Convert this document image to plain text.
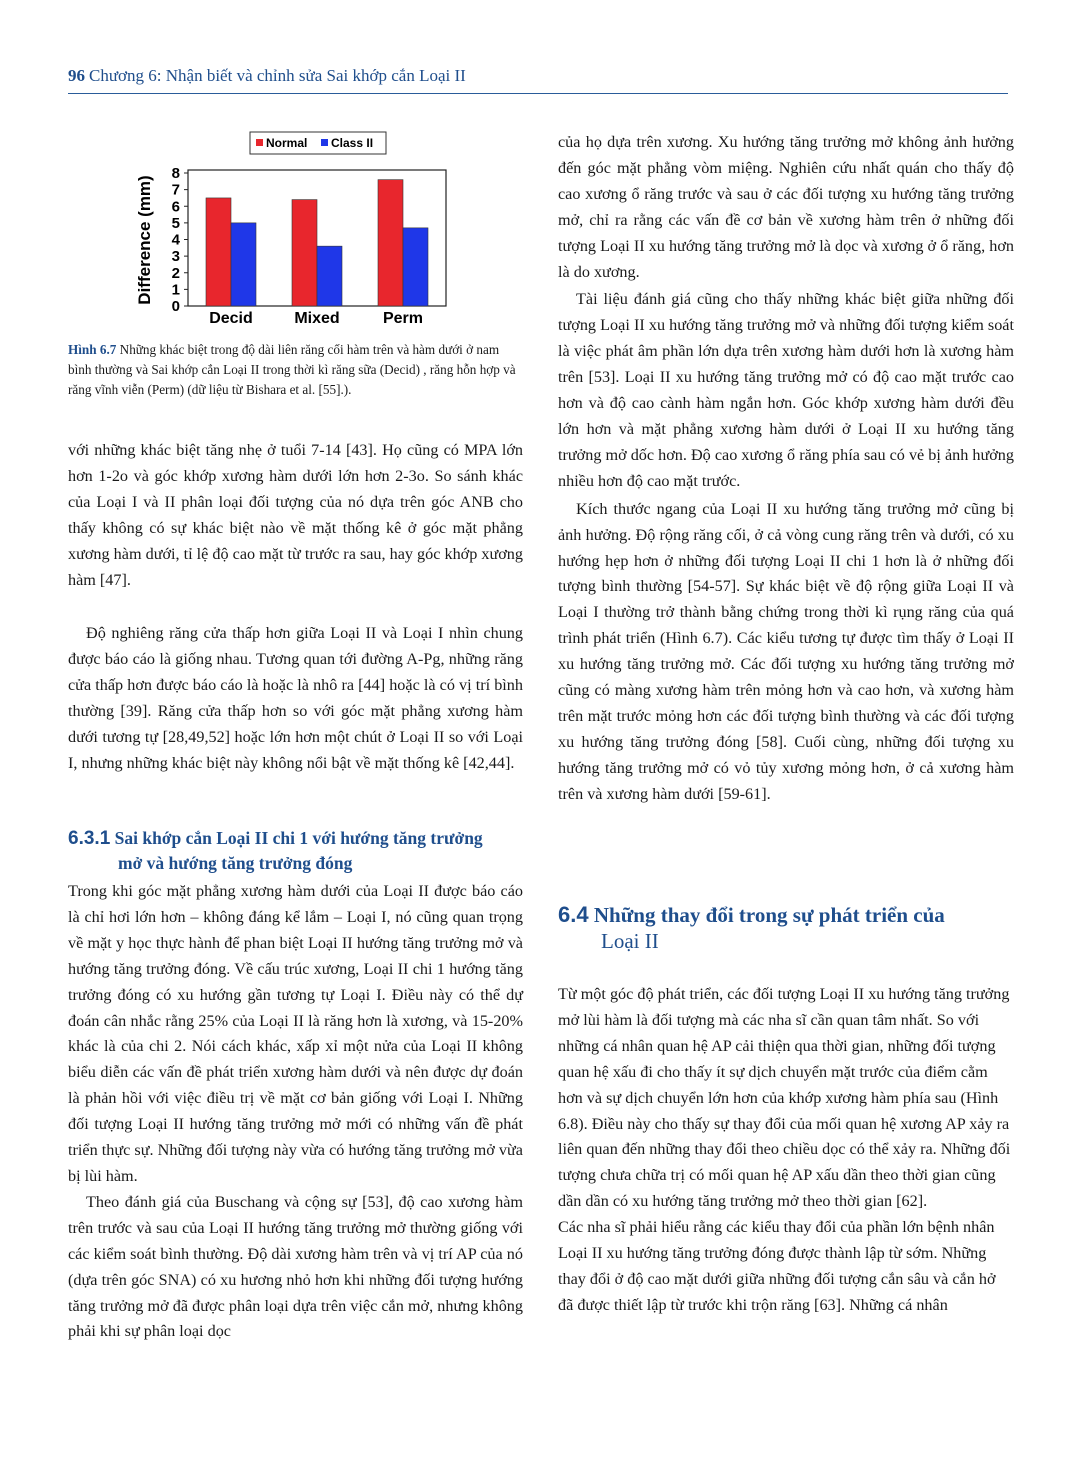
96 Chương 6: Nhận biết và chỉnh sửa Sai khớp cắn Loại II
Normal Class II
Difference (mm)
0
1
2
3
4
5
6
7
8
Decid	Mixed	Perm
Hình 6.7 Những khác biệt trong độ dài liên răng cối hàm trên và hàm dưới ở nam bình thường và Sai khớp cắn Loại II trong thời kì răng sữa (Decid) , răng hỗn hợp và răng vĩnh viễn (Perm) (dữ liệu từ Bishara et al. [55].).

với những khác biệt tăng nhẹ ở tuổi 7-14 [43]. Họ cũng có MPA lớn hơn 1-2o và góc khớp xương hàm dưới lớn hơn 2-3o. So sánh khác của Loại I và II phân loại đối tượng của nó dựa trên góc ANB cho thấy không có sự khác biệt nào về mặt thống kê ở góc mặt phẳng xương hàm dưới, tỉ lệ độ cao mặt từ trước ra sau, hay góc khớp xương hàm [47].

Độ nghiêng răng cửa thấp hơn giữa Loại II và Loại I nhìn chung được báo cáo là giống nhau. Tương quan tới đường A-Pg, những răng cửa thấp hơn được báo cáo là hoặc là nhô ra [44] hoặc là có vị trí bình thường [39]. Răng cửa thấp hơn so với góc mặt phẳng xương hàm dưới tương tự [28,49,52] hoặc lớn hơn một chút ở Loại II so với Loại I, nhưng những khác biệt này không nổi bật về mặt thống kê [42,44].

6.3.1 Sai khớp cắn Loại II chi 1 với hướng tăng trưởng
mở và hướng tăng trưởng đóng

Trong khi góc mặt phẳng xương hàm dưới của Loại II được báo cáo là chỉ hơi lớn hơn – không đáng kể lắm – Loại I, nó cũng quan trọng về mặt y học thực hành để phan biệt Loại II hướng tăng trưởng mở và hướng tăng trưởng đóng. Về cấu trúc xương, Loại II chi 1 hướng tăng trưởng đóng có xu hướng gần tương tự Loại I. Điều này có thể dự đoán cân nhắc rằng 25% của Loại II là răng hơn là xương, và 15-20% khác là của chi 2. Nói cách khác, xấp xỉ một nửa của Loại II không biểu diễn các vấn đề phát triển xương hàm dưới và nên được dự đoán là phản hồi với việc điều trị về mặt cơ bản giống với Loại I. Những đối tượng Loại II hướng tăng trưởng mở mới có những vấn đề phát triển thực sự. Những đối tượng này vừa có hướng tăng trưởng mở vừa bị lùi hàm.

Theo đánh giá của Buschang và cộng sự [53], độ cao xương hàm trên trước và sau của Loại II hướng tăng trưởng mở thường giống với các kiểm soát bình thường. Độ dài xương hàm trên và vị trí AP của nó (dựa trên góc SNA) có xu hương nhỏ hơn khi những đối tượng hướng tăng trưởng mở đã được phân loại dựa trên việc cắn mở, nhưng không phải khi sự phân loại dọc

của họ dựa trên xương. Xu hướng tăng trưởng mở không ảnh hưởng đến góc mặt phẳng vòm miệng. Nghiên cứu nhất quán cho thấy độ cao xương ổ răng trước và sau ở các đối tượng xu hướng tăng trưởng mở, chỉ ra rằng các vấn đề cơ bản về xương hàm trên ở những đối tượng Loại II xu hướng tăng trưởng mở là dọc và xương ở ổ răng, hơn là do xương.

Tài liệu đánh giá cũng cho thấy những khác biệt giữa những đối tượng Loại II xu hướng tăng trưởng mở và những đối tượng kiểm soát là việc phát âm phần lớn dựa trên xương hàm dưới hơn là xương hàm trên [53]. Loại II xu hướng tăng trưởng mở có độ cao mặt trước cao hơn và độ cao cành hàm ngắn hơn. Góc khớp xương hàm dưới đều lớn hơn và mặt phẳng xương hàm dưới ở Loại II xu hướng tăng trưởng mở dốc hơn. Độ cao xương ổ răng phía sau có vẻ bị ảnh hưởng nhiều hơn độ cao mặt trước.

Kích thước ngang của Loại II xu hướng tăng trưởng mở cũng bị ảnh hưởng. Độ rộng răng cối, ở cả vòng cung răng trên và dưới, có xu hướng hẹp hơn ở những đối tượng Loại II chi 1 hơn là ở những đối tượng bình thường [54-57]. Sự khác biệt về độ rộng giữa Loại II và Loại I thường trở thành bằng chứng trong thời kì rụng răng của quá trình phát triển (Hình 6.7). Các kiểu tương tự được tìm thấy ở Loại II xu hướng tăng trưởng mở. Các đối tượng xu hướng tăng trưởng mở cũng có màng xương hàm trên mỏng hơn và cao hơn, và xương hàm trên mặt trước mỏng hơn các đối tượng bình thường và các đối tượng xu hướng tăng trưởng đóng [58]. Cuối cùng, những đối tượng xu hướng tăng trưởng mở có vỏ tủy xương mỏng hơn, ở cả xương hàm trên và xương hàm dưới [59-61].

6.4 Những thay đổi trong sự phát triển của
Loại II

Từ một góc độ phát triển, các đối tượng Loại II xu hướng tăng trưởng mở lùi hàm là đối tượng mà các nha sĩ cần quan tâm nhất. So với những cá nhân quan hệ AP cải thiện qua thời gian, những đối tượng quan hệ xấu đi cho thấy ít sự dịch chuyển mặt trước của điểm cằm hơn và sự dịch chuyển lớn hơn của khớp xương hàm phía sau (Hình 6.8). Điều này cho thấy sự thay đổi của mối quan hệ xương AP xảy ra liên quan đến những thay đổi theo chiều dọc có thể xảy ra. Những đối tượng chưa chữa trị có mối quan hệ AP xấu dần theo thời gian cũng dần dần có xu hướng tăng trưởng mở theo thời gian [62].

Các nha sĩ phải hiểu rằng các kiểu thay đổi của phần lớn bệnh nhân Loại II xu hướng tăng trưởng đóng được thành lập từ sớm. Những thay đổi ở độ cao mặt dưới giữa những đối tượng cắn sâu và cắn hở đã được thiết lập từ trước khi trộn răng [63]. Những cá nhân
